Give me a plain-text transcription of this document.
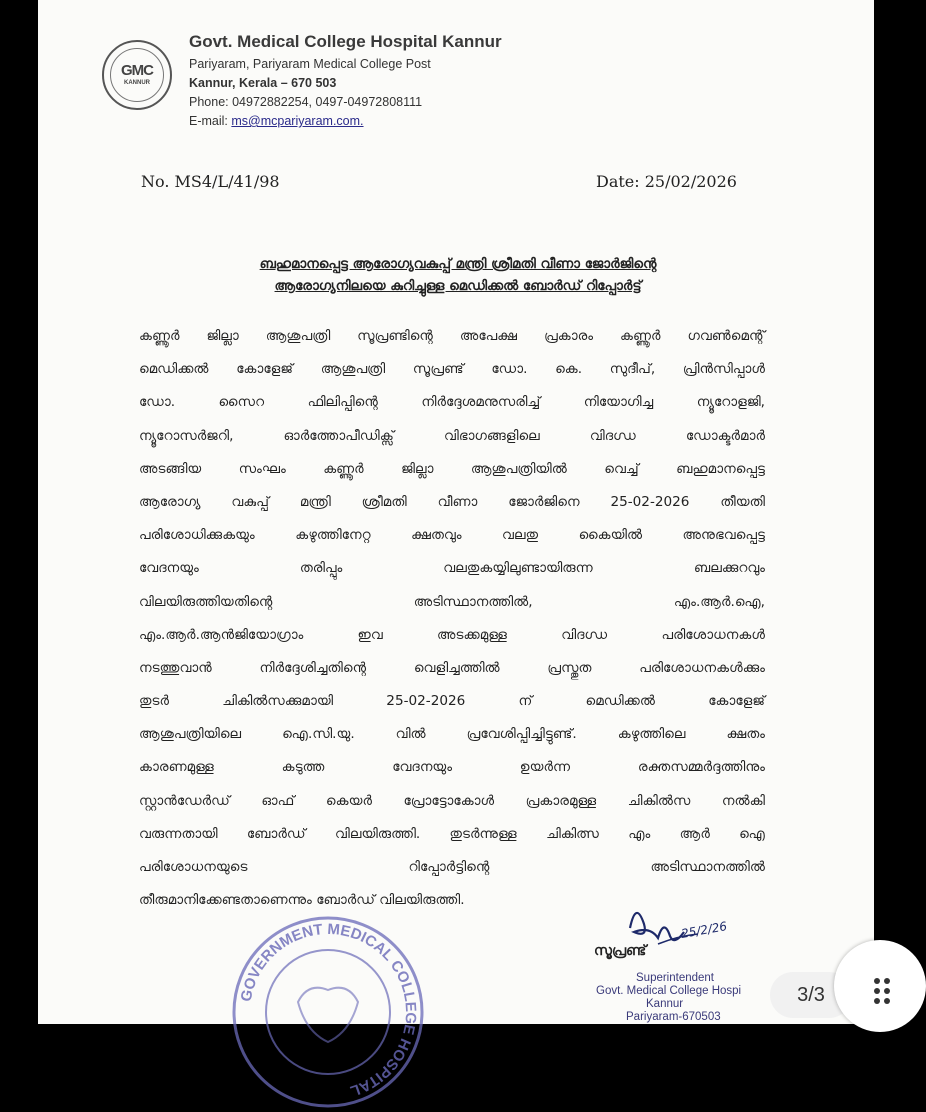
GMC
KANNUR
Govt. Medical College Hospital Kannur
Pariyaram, Pariyaram Medical College Post
Kannur, Kerala – 670 503
Phone: 04972882254, 0497-04972808111
E-mail: ms@mcpariyaram.com.
No. MS4/L/41/98	Date: 25/02/2026
ബഹുമാനപ്പെട്ട ആരോഗ്യവകുപ്പ് മന്ത്രി ശ്രീമതി വീണാ ജോർജിന്റെ
ആരോഗ്യനിലയെ കുറിച്ചുള്ള മെഡിക്കൽ ബോർഡ് റിപ്പോർട്ട്
കണ്ണൂർ ജില്ലാ ആശുപത്രി സൂപ്രണ്ടിന്റെ അപേക്ഷ പ്രകാരം കണ്ണൂർ ഗവൺമെന്റ്
മെഡിക്കൽ കോളേജ് ആശുപത്രി സൂപ്രണ്ട് ഡോ. കെ. സുദീപ്, പ്രിൻസിപ്പാൾ
ഡോ. സൈറ ഫിലിപ്പിന്റെ നിർദ്ദേശമനുസരിച്ച് നിയോഗിച്ച ന്യൂറോളജി,
ന്യൂറോസർജറി, ഓർത്തോപീഡിക്സ് വിഭാഗങ്ങളിലെ വിദഗ്ധ ഡോക്ടർമാർ
അടങ്ങിയ സംഘം കണ്ണൂർ ജില്ലാ ആശുപത്രിയിൽ വെച്ച് ബഹുമാനപ്പെട്ട
ആരോഗ്യ വകുപ്പ് മന്ത്രി ശ്രീമതി വീണാ ജോർജിനെ 25-02-2026 തീയതി
പരിശോധിക്കുകയും കഴുത്തിനേറ്റ ക്ഷതവും വലതു കൈയിൽ അനുഭവപ്പെട്ട
വേദനയും തരിപ്പും വലതുകയ്യിലുണ്ടായിരുന്ന ബലക്കുറവും
വിലയിരുത്തിയതിന്റെ അടിസ്ഥാനത്തിൽ, എം.ആർ.ഐ,
എം.ആർ.ആൻജിയോഗ്രാം ഇവ അടക്കമുള്ള വിദഗ്ധ പരിശോധനകൾ
നടത്തുവാൻ നിർദ്ദേശിച്ചതിന്റെ വെളിച്ചത്തിൽ പ്രസ്തുത പരിശോധനകൾക്കും
തുടർ ചികിൽസക്കുമായി 25-02-2026 ന് മെഡിക്കൽ കോളേജ്
ആശുപത്രിയിലെ ഐ.സി.യു. വിൽ പ്രവേശിപ്പിച്ചിട്ടുണ്ട്. കഴുത്തിലെ ക്ഷതം
കാരണമുള്ള കടുത്ത വേദനയും ഉയർന്ന രക്തസമ്മർദ്ദത്തിനും
സ്റ്റാൻഡേർഡ് ഓഫ് കെയർ പ്രോട്ടോകോൾ പ്രകാരമുള്ള ചികിൽസ നൽകി
വരുന്നതായി ബോർഡ് വിലയിരുത്തി. തുടർന്നുള്ള ചികിത്സ എം ആർ ഐ
പരിശോധനയുടെ റിപ്പോർട്ടിന്റെ അടിസ്ഥാനത്തിൽ
തീരുമാനിക്കേണ്ടതാണെന്നും ബോർഡ് വിലയിരുത്തി.
GOVERNMENT MEDICAL COLLEGE HOSPITAL
25/2/26
സൂപ്രണ്ട്
Superintendent
Govt. Medical College Hospi
Kannur
Pariyaram-670503
3/3
